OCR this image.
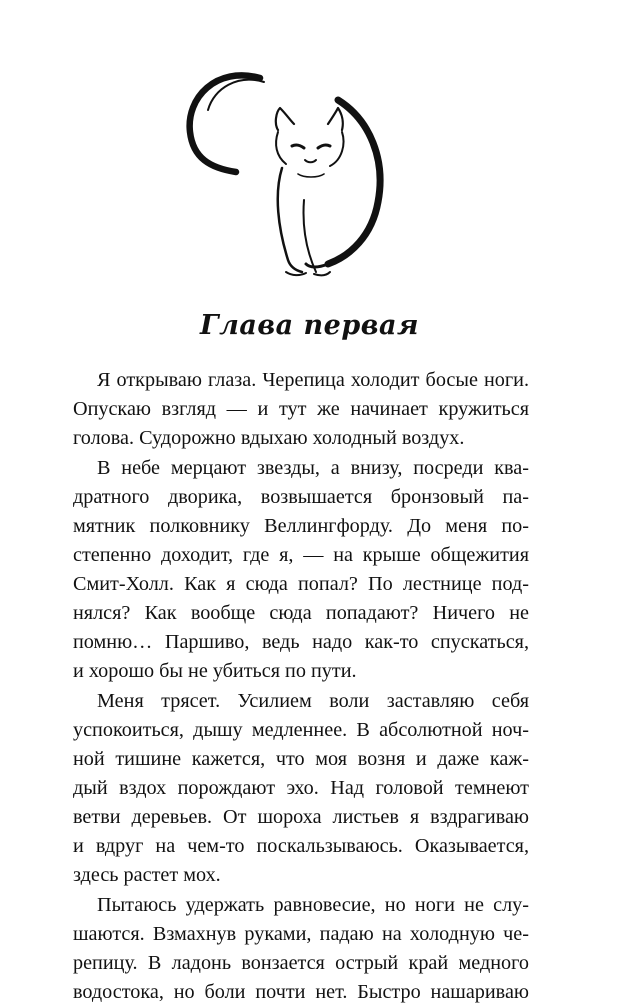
Глава первая

Я открываю глаза. Черепица холодит босые ноги.
Опускаю взгляд — и тут же начинает кружиться
голова. Судорожно вдыхаю холодный воздух.

В небе мерцают звезды, а внизу, посреди ква-
дратного дворика, возвышается бронзовый па-
мятник полковнику Веллингфорду. До меня по-
степенно доходит, где я, — на крыше общежития
Смит-Холл. Как я сюда попал? По лестнице под-
нялся? Как вообще сюда попадают? Ничего не
помню… Паршиво, ведь надо как-то спускаться,
и хорошо бы не убиться по пути.

Меня трясет. Усилием воли заставляю себя
успокоиться, дышу медленнее. В абсолютной ноч-
ной тишине кажется, что моя возня и даже каж-
дый вздох порождают эхо. Над головой темнеют
ветви деревьев. От шороха листьев я вздрагиваю
и вдруг на чем-то поскальзываюсь. Оказывается,
здесь растет мох.

Пытаюсь удержать равновесие, но ноги не слу-
шаются. Взмахнув руками, падаю на холодную че-
репицу. В ладонь вонзается острый край медного
водостока, но боли почти нет. Быстро нашариваю
